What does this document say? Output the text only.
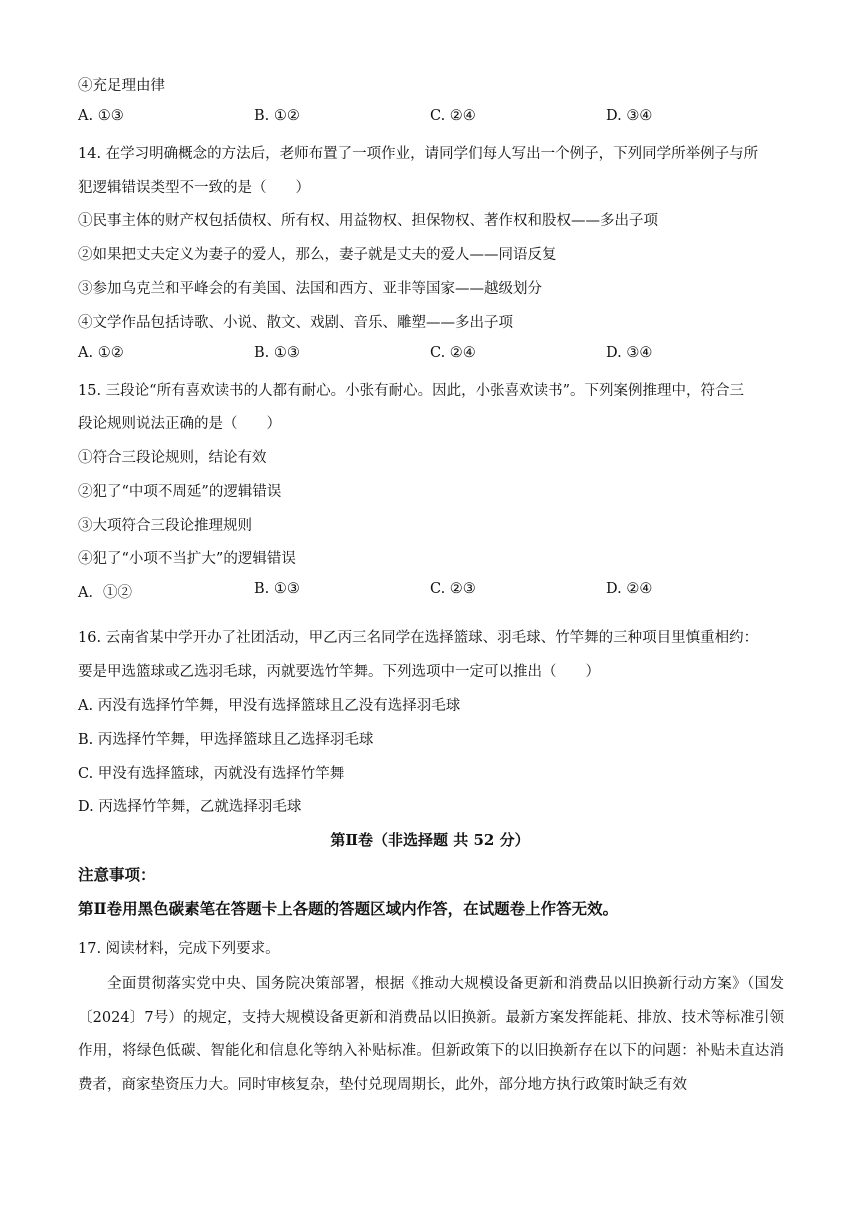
④充足理由律
A. ①③	B. ①②	C. ②④	D. ③④
14. 在学习明确概念的方法后，老师布置了一项作业，请同学们每人写出一个例子，下列同学所举例子与所
犯逻辑错误类型不一致的是（　　）
①民事主体的财产权包括债权、所有权、用益物权、担保物权、著作权和股权——多出子项
②如果把丈夫定义为妻子的爱人，那么，妻子就是丈夫的爱人——同语反复
③参加乌克兰和平峰会的有美国、法国和西方、亚非等国家——越级划分
④文学作品包括诗歌、小说、散文、戏剧、音乐、雕塑——多出子项
A. ①②	B. ①③	C. ②④	D. ③④
15. 三段论“所有喜欢读书的人都有耐心。小张有耐心。因此，小张喜欢读书”。下列案例推理中，符合三
段论规则说法正确的是（　　）
①符合三段论规则，结论有效
②犯了“中项不周延”的逻辑错误
③大项符合三段论推理规则
④犯了“小项不当扩大”的逻辑错误
A．①②	B. ①③	C. ②③	D. ②④
16. 云南省某中学开办了社团活动，甲乙丙三名同学在选择篮球、羽毛球、竹竿舞的三种项目里慎重相约：
要是甲选篮球或乙选羽毛球，丙就要选竹竿舞。下列选项中一定可以推出（　　）
A. 丙没有选择竹竿舞，甲没有选择篮球且乙没有选择羽毛球
B. 丙选择竹竿舞，甲选择篮球且乙选择羽毛球
C. 甲没有选择篮球，丙就没有选择竹竿舞
D. 丙选择竹竿舞，乙就选择羽毛球
第Ⅱ卷（非选择题 共 52 分）
注意事项：
第Ⅱ卷用黑色碳素笔在答题卡上各题的答题区域内作答，在试题卷上作答无效。
17. 阅读材料，完成下列要求。
全面贯彻落实党中央、国务院决策部署，根据《推动大规模设备更新和消费品以旧换新行动方案》（国发〔2024〕7号）的规定，支持大规模设备更新和消费品以旧换新。最新方案发挥能耗、排放、技术等标准引领作用，将绿色低碳、智能化和信息化等纳入补贴标准。但新政策下的以旧换新存在以下的问题：补贴未直达消费者，商家垫资压力大。同时审核复杂，垫付兑现周期长，此外，部分地方执行政策时缺乏有效
